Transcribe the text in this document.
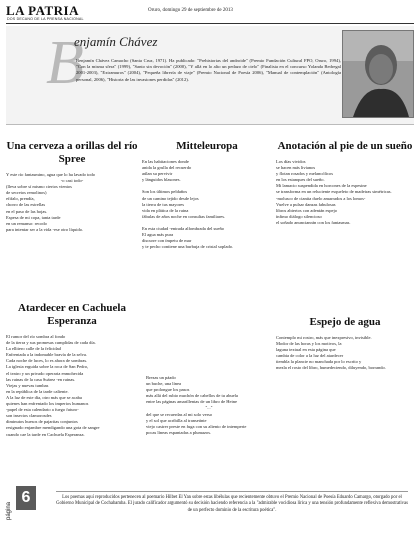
LA PATRIA
DOS DECANO DE LA PRENSA NACIONAL
Oruro, domingo 29 de septiembre de 2013
B
enjamín Chávez
Benjamín Chávez Camacho (Santa Cruz, 1971). Ha publicado: "Prehistorias del androide" (Premio Fundación Cultural FPO, Oruro, 1994), "Con la misma sfera" (1999), "Santo sin devoción" (2000), "Y allá en lo alto un pedazo de cielo" (Finalista en el concurso Yolanda Bedregal 2001-2003), "Extramuros" (2004), "Pequeña librería de viaje" (Premio Nacional de Poesía 2006), "Manual de contemplación" (Antología personal, 2006), "Historia de las invasiones perdidas" (2012).
Una cerveza a orillas del río Spree
Y este río fantasmino, agua que lo ha lavado todo
-o casi todo-
(lleva sobre sí mismo ciertos vientos
de secretos remolinos)
efifalo, prendía,
chorro de las estrellas
en el paso de las hojas.
Espesa de mi copa, tanta tarde
en un remanso: recodo
para intentar ser a la vida -ese otro líquido.
Mitteleuropa
En las habitaciones donde
anida la grulla del recuerdo
aúlan su pervivir
y lánguidos blasones.

Son los últimos peldaños
de un camino tejido desde lejos
la tierra de tus mayores
vida en plática de la ruina
fábulas de años noche en consultas familiares.

En esta ciudad -entrada alfombrada del sueño
El agua más pura
discurre con ímpetu de mar
y te pecho contiene una burbuja de cristal soplado.
Anotación al pie de un sueño
Los días vividos
se hacen más livianos
y flotan rosados y melancólicos
en los estanques del sueño.
Mi lamacio suspendida en horcones de la espesine
se transforma en un reluciente esqueleto de madeiras simétricas.
-molusco de cianita duelo amarrados a los lomos-
Vuelve a pulsar danzas fabulosas
libros abiertos con adentán espejo
ínfimo diálogo silencioso
el soñado anuncianrán con los fantasmas.
Atardecer en Cachuela Esperanza
El rumor del río sombra al fondo
de la tierra y sus promesas cumplidas de cada día.
La ellitero calle de la felicidad
Enfrentada a la indomable bravía de la selva.
Cada noche de luces, lo es ahora de sombras.
La iglesia erguida sobre la roca de San Pedro,
el teatro y un privado operaria enmohecida
las ruinas de la casa Suárez -en ruinas.
Viejas y nuevas tumbas
en la república de la tarde caliente.
A la luz de este día, otro más que se acaba
quienes han enfrentado los imperios humanos
-papel de esta calendario a fuego futuro-
son insectos clamorosdes
diminutos huesos de pajaritas conjuntos
resignado enjambre mendigando una gota de sangre
cuando cae la tarde en Cachuela Esperanza.
Espejo de agua
Contemplo mi rostro, más que inexpresivo, invisible.
Modor de las horas y los motivos, la
laguna textual en esta página que
cambia de color a la luz del atardecer
tiembla la plancie no manchada por lo escrito y
mezla el rosto del libro, humedeciendo, diluyendo, borrando.
Brezas un páado
un buche, una línea
que prolongue los pasos
más allá del rubio muchón de cabellos de tu abuela
entre las páginas amarillentas de un libro de Heine
"..."
del que se recuerdas al mi solo verso
y el sol que acribilla al transeúnte
viejo castrer preste en fuga con su aliento de intemperie
pocas líneas espantadas a plumazos.
página
6	Los poemas aquí reproducidos pertenecen al poemario Hilbet El Yan sobre estas libélulas que recientemente obtuvo el Premio Nacional de Poesía Eduardo Camargo, otorgado por el Gobierno Municipal de Cochabamba. El jurado calificador argumentó su decisión haciendo referencia a la "admirable vocidiosa lírica y una tensión profundamente reflexiva demostrativas de un perfecto dominio de la escritura poética".
